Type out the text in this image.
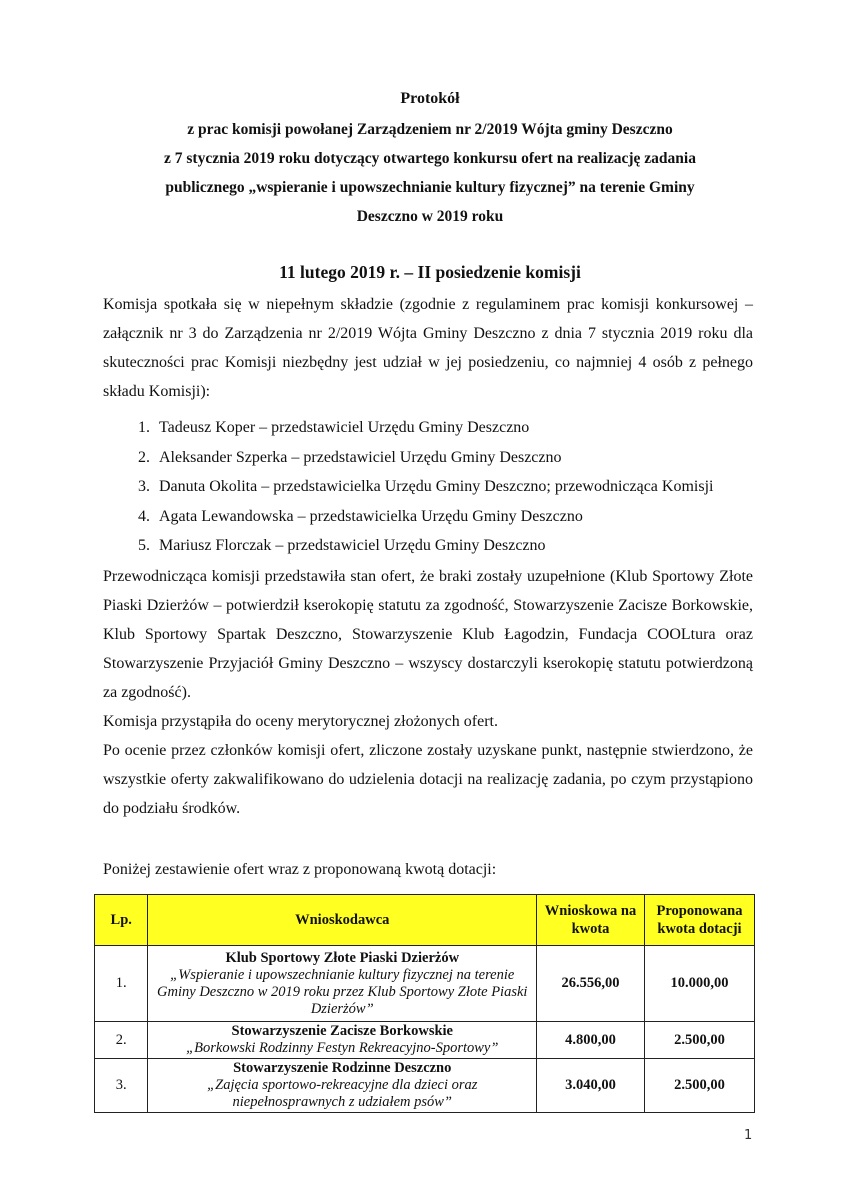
Protokół
z prac komisji powołanej Zarządzeniem nr 2/2019 Wójta gminy Deszczno
z 7 stycznia 2019 roku dotyczący otwartego konkursu ofert na realizację zadania
publicznego „wspieranie i upowszechnianie kultury fizycznej” na terenie Gminy
Deszczno w 2019 roku
11 lutego 2019 r. – II posiedzenie komisji
Komisja spotkała się w niepełnym składzie (zgodnie z regulaminem prac komisji konkursowej – załącznik nr 3 do Zarządzenia nr 2/2019 Wójta Gminy Deszczno z dnia 7 stycznia 2019 roku dla skuteczności prac Komisji niezbędny jest udział w jej posiedzeniu, co najmniej 4 osób z pełnego składu Komisji):
1. Tadeusz Koper – przedstawiciel Urzędu Gminy Deszczno
2. Aleksander Szperka – przedstawiciel Urzędu Gminy Deszczno
3. Danuta Okolita – przedstawicielka Urzędu Gminy Deszczno; przewodnicząca Komisji
4. Agata Lewandowska – przedstawicielka Urzędu Gminy Deszczno
5. Mariusz Florczak – przedstawiciel Urzędu Gminy Deszczno
Przewodnicząca komisji przedstawiła stan ofert, że braki zostały uzupełnione (Klub Sportowy Złote Piaski Dzierżów – potwierdził kserokopię statutu za zgodność, Stowarzyszenie Zacisze Borkowskie, Klub Sportowy Spartak Deszczno, Stowarzyszenie Klub Łagodzin, Fundacja COOLtura oraz Stowarzyszenie Przyjaciół Gminy Deszczno – wszyscy dostarczyli kserokopię statutu potwierdzoną za zgodność).
Komisja przystąpiła do oceny merytorycznej złożonych ofert.
Po ocenie przez członków komisji ofert, zliczone zostały uzyskane punkt, następnie stwierdzono, że wszystkie oferty zakwalifikowano do udzielenia dotacji na realizację zadania, po czym przystąpiono do podziału środków.
Poniżej zestawienie ofert wraz z proponowaną kwotą dotacji:
Lp.	Wnioskodawca	Wnioskowa na kwota	Proponowana kwota dotacji
1.	Klub Sportowy Złote Piaski Dzierżów
„Wspieranie i upowszechnianie kultury fizycznej na terenie Gminy Deszczno w 2019 roku przez Klub Sportowy Złote Piaski Dzierżów”	26.556,00	10.000,00
2.	Stowarzyszenie Zacisze Borkowskie
„Borkowski Rodzinny Festyn Rekreacyjno-Sportowy”	4.800,00	2.500,00
3.	Stowarzyszenie Rodzinne Deszczno
„Zajęcia sportowo-rekreacyjne dla dzieci oraz niepełnosprawnych z udziałem psów”	3.040,00	2.500,00
1
